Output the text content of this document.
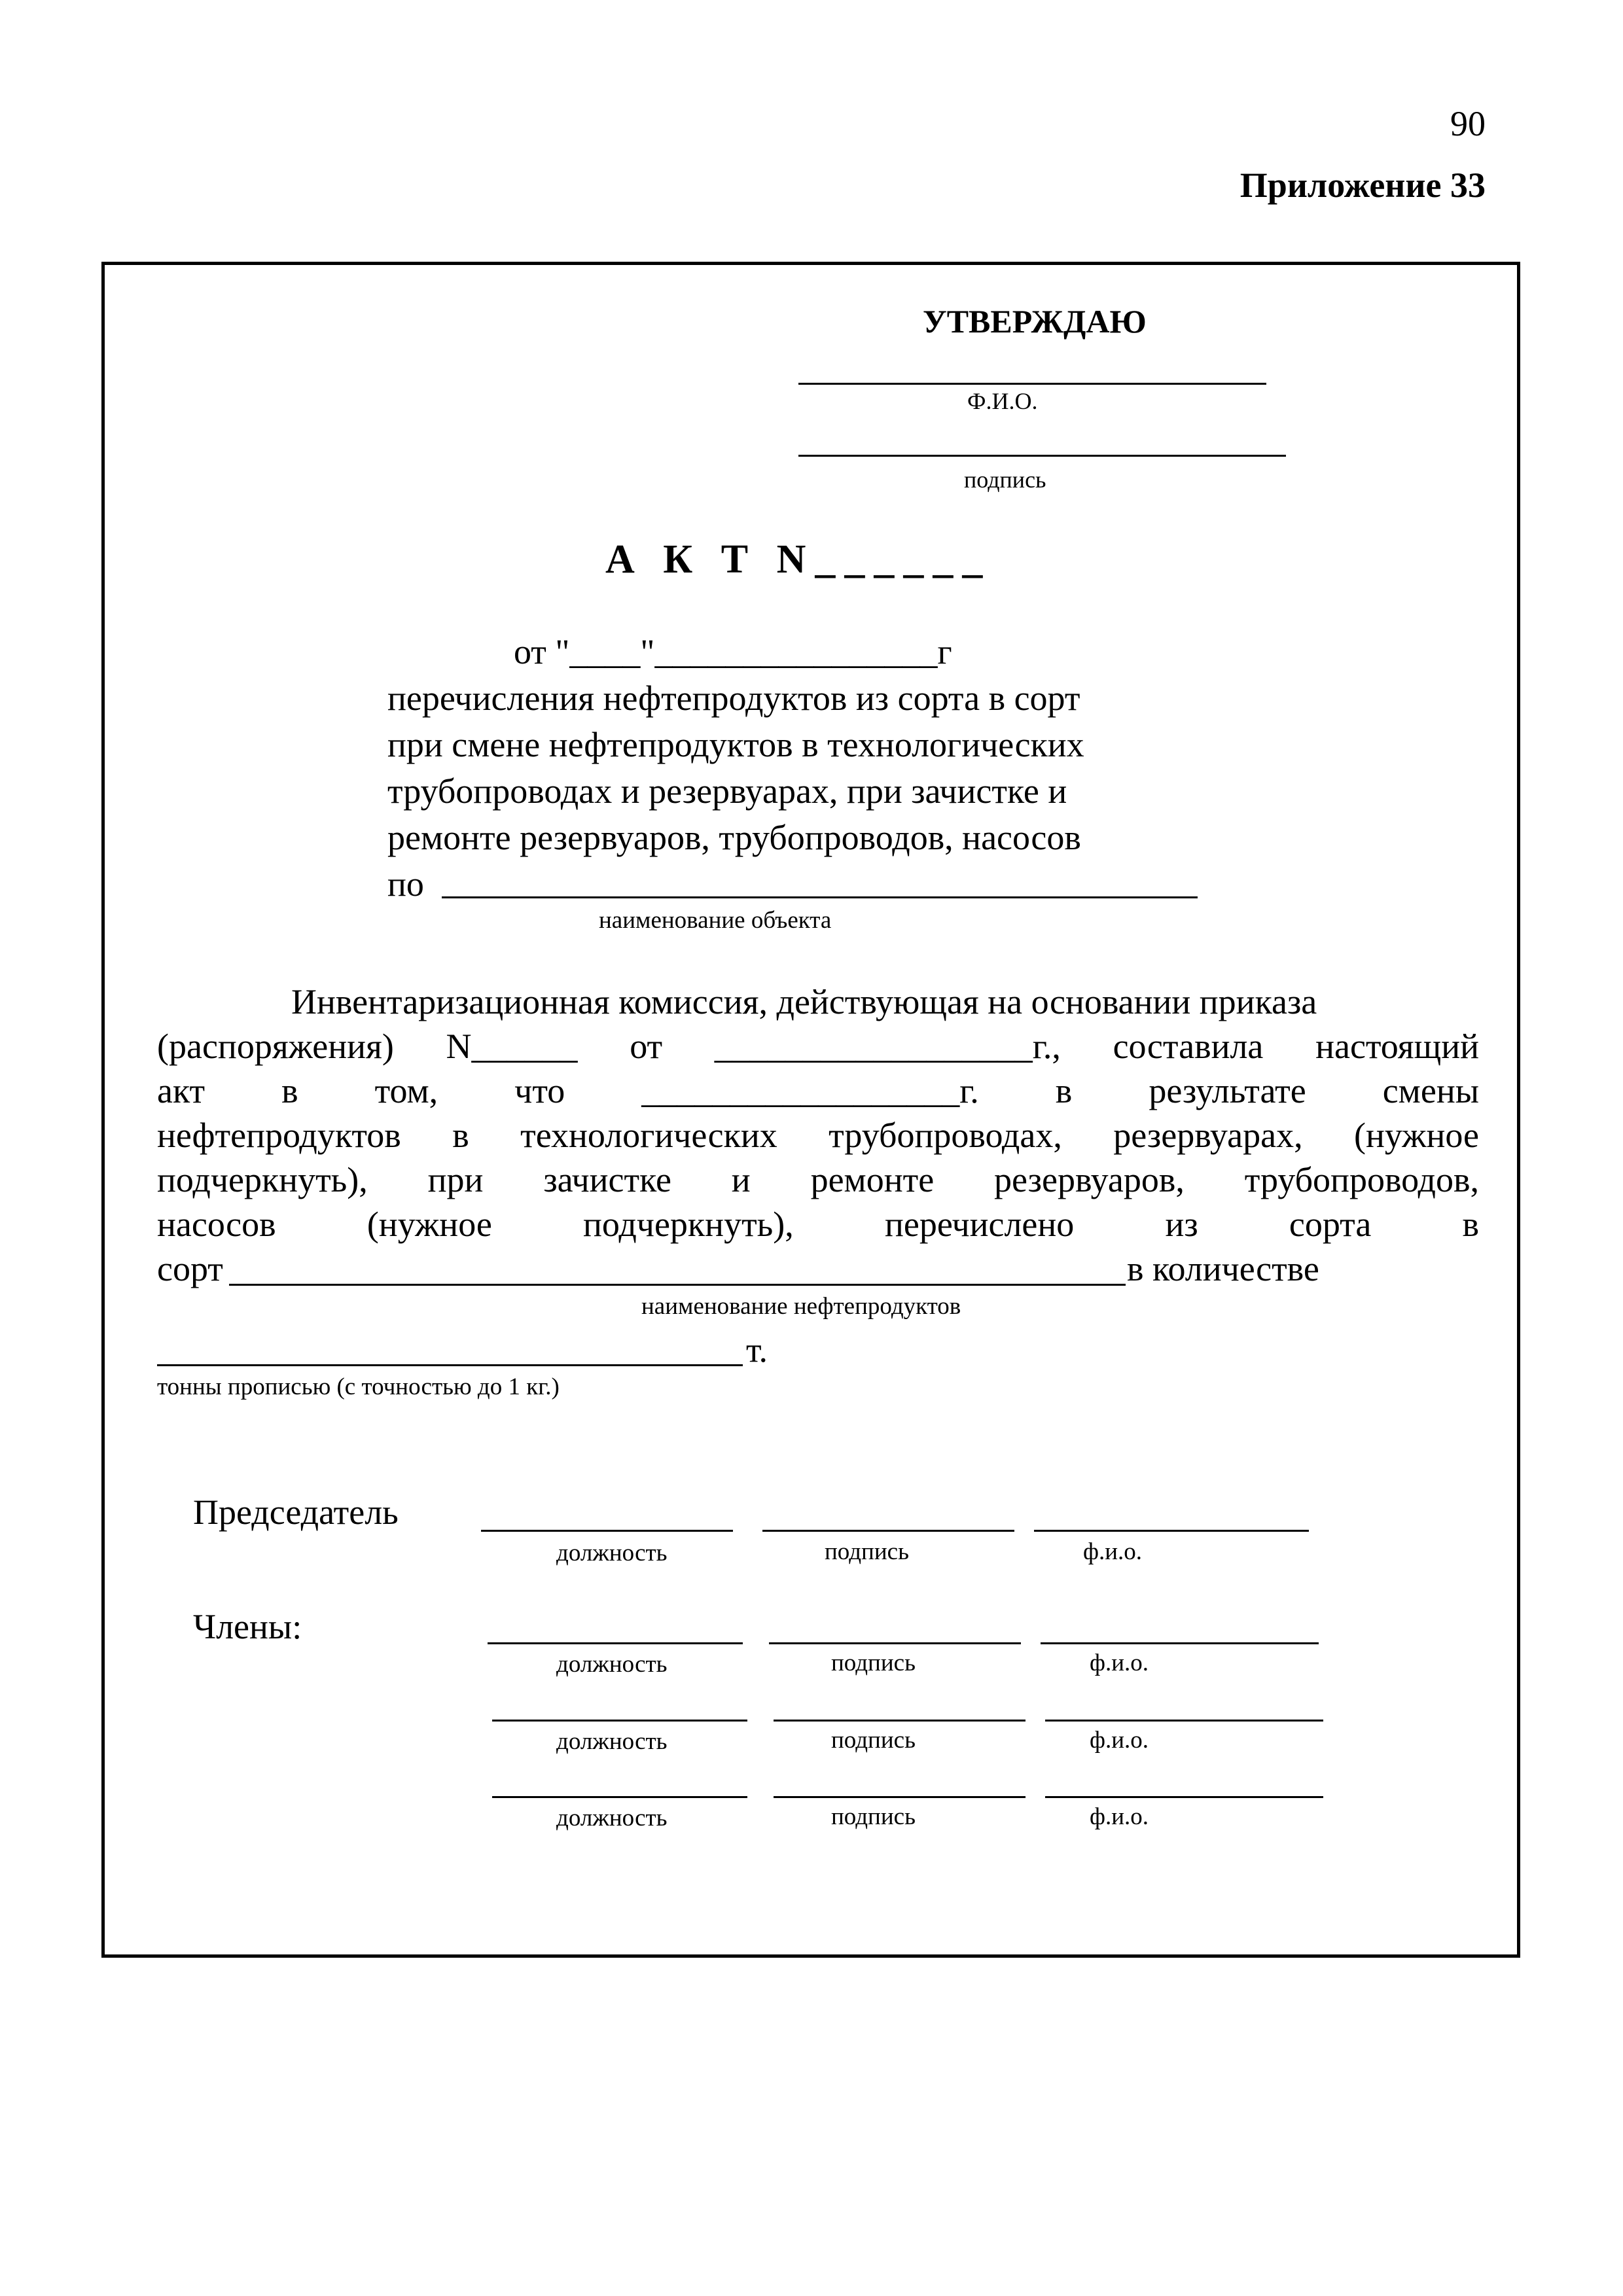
90
Приложение 33
УТВЕРЖДАЮ
Ф.И.О.
подпись
А К Т N______
от "____"________________г
перечисления нефтепродуктов из сорта в сорт
при смене нефтепродуктов в технологических
трубопроводах и резервуарах, при зачистке и
ремонте резервуаров, трубопроводов, насосов
по
наименование объекта
Инвентаризационная комиссия, действующая на основании приказа
(распоряжения) N______ от __________________г., составила настоящий
акт в том, что __________________г. в результате смены
нефтепродуктов в технологических трубопроводах, резервуарах, (нужное
подчеркнуть), при зачистке и ремонте резервуаров, трубопроводов,
насосов (нужное подчеркнуть), перечислено из сорта в
сорт	в количестве
наименование нефтепродуктов
т.
тонны прописью (с точностью до 1 кг.)
Председатель
должность	подпись	ф.и.о.
Члены:
должность	подпись	ф.и.о.
должность	подпись	ф.и.о.
должность	подпись	ф.и.о.
